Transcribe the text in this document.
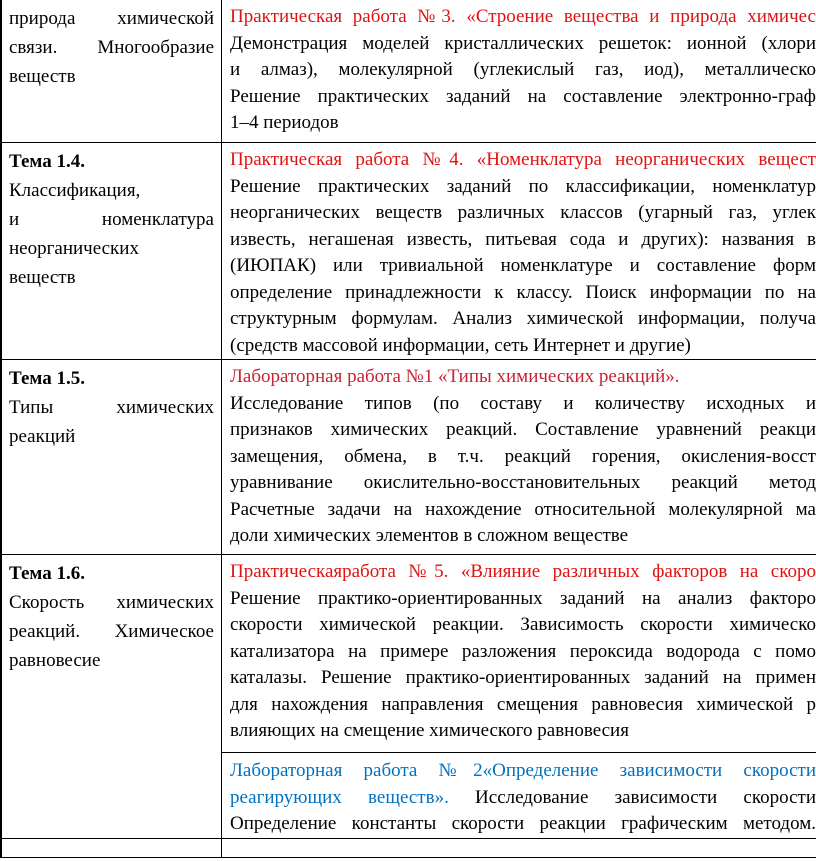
природа химической
связи. Многообразие
веществ
Практическая работа №3. «Строение вещества и природа химичес
Демонстрация моделей кристаллических решеток: ионной (хлори
и алмаз), молекулярной (углекислый газ, иод), металлическо
Решение практических заданий на составление электронно-граф
1–4 периодов
Тема 1.4.
Классификация,
и номенклатура
неорганических
веществ
Практическая работа №4. «Номенклатура неорганических вещест
Решение практических заданий по классификации, номенклатур
неорганических веществ различных классов (угарный газ, углек
известь, негашеная известь, питьевая сода и других): названия в
(ИЮПАК) или тривиальной номенклатуре и составление форм
определение принадлежности к классу. Поиск информации по на
структурным формулам. Анализ химической информации, получа
(средств массовой информации, сеть Интернет и другие)
Тема 1.5.
Типы химических
реакций
Лабораторная работа №1 «Типы химических реакций».
Исследование типов (по составу и количеству исходных и
признаков химических реакций. Составление уравнений реакци
замещения, обмена, в т.ч. реакций горения, окисления-восст
уравнивание окислительно-восстановительных реакций метод
Расчетные задачи на нахождение относительной молекулярной ма
доли химических элементов в сложном веществе
Тема 1.6.
Скорость химических
реакций. Химическое
равновесие
Практическаяработа №5. «Влияние различных факторов на скоро
Решение практико-ориентированных заданий на анализ факторо
скорости химической реакции. Зависимость скорости химическо
катализатора на примере разложения пероксида водорода с помо
каталазы. Решение практико-ориентированных заданий на примен
для нахождения направления смещения равновесия химической р
влияющих на смещение химического равновесия
Лабораторная работа №2«Определение зависимости скорости
реагирующих веществ». Исследование зависимости скорости
Определение константы скорости реакции графическим методом.
